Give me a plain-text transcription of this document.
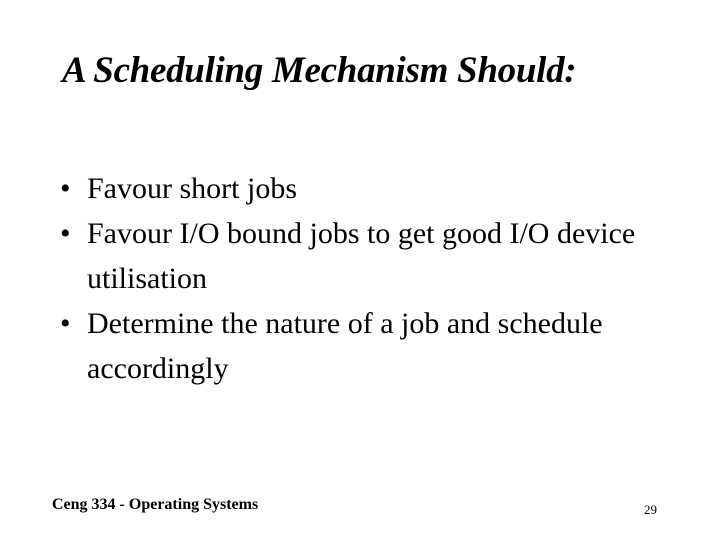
A Scheduling Mechanism Should:
• Favour short jobs
• Favour I/O bound jobs to get good I/O device utilisation
• Determine the nature of a job and schedule accordingly
Ceng 334 - Operating Systems	29
